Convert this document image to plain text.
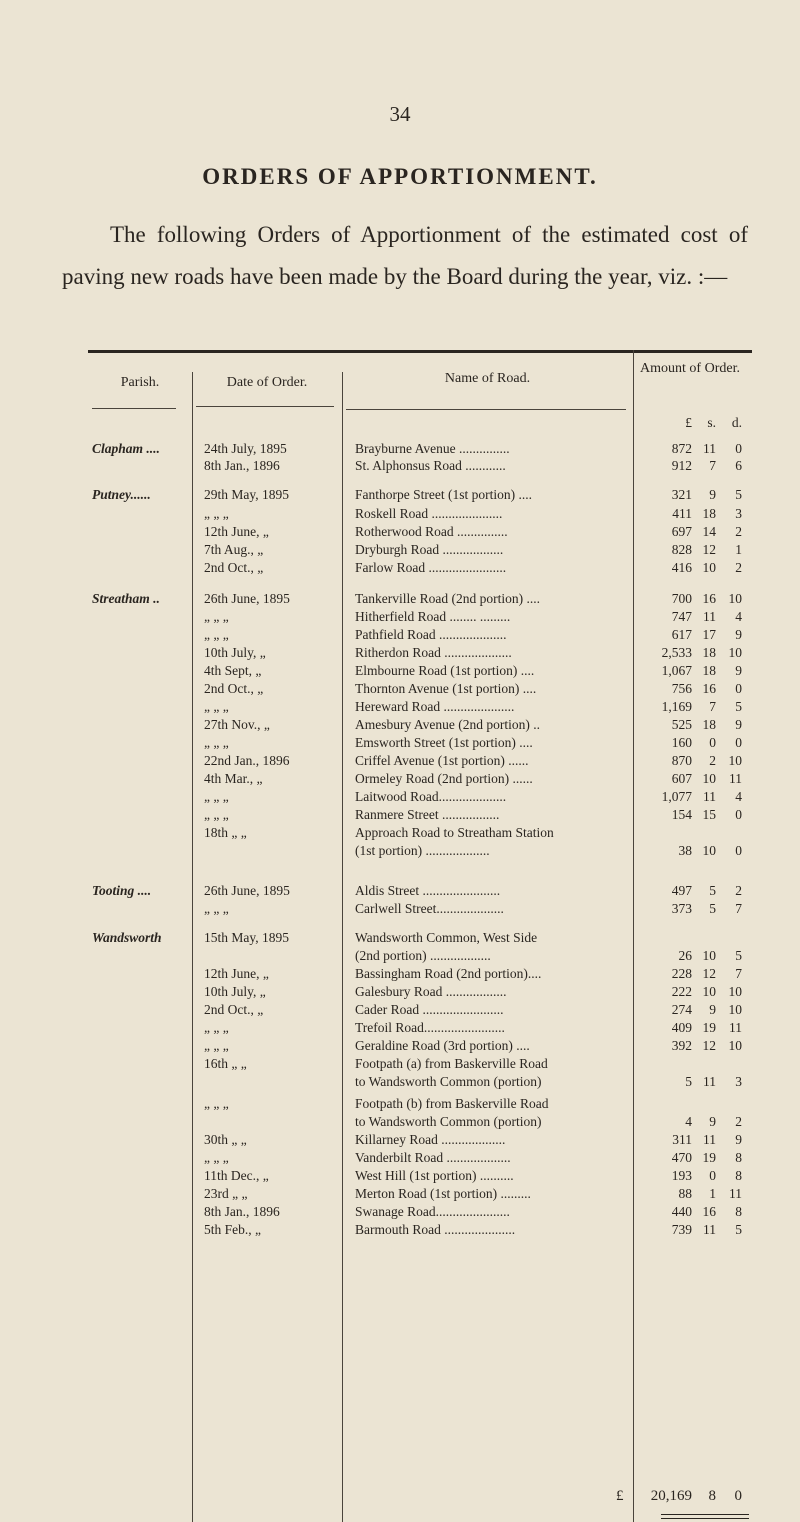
34
ORDERS OF APPORTIONMENT.

The following Orders of Apportionment of the estimated cost of paving new roads have been made by the Board during the year, viz. :—

Parish.	Date of Order.	Name of Road.
Amount of Order.
£	s.	d.
Clapham ....	24th July, 1895	Brayburne Avenue ...............	872 11	0
8th Jan., 1896	St. Alphonsus Road ............	912	7	6
Putney......	29th May, 1895	Fanthorpe Street (1st portion) ....	321	9	5
„ „ „	Roskell Road .....................	411 18	3
12th June, „	Rotherwood Road ...............	697 14	2
7th Aug., „	Dryburgh Road ..................	828 12	1
2nd Oct., „	Farlow Road .......................	416 10	2
Streatham ..	26th June, 1895	Tankerville Road (2nd portion) ....	700 16 10
„ „ „	Hitherfield Road ........ .........	747 11	4
„ „ „	Pathfield Road ....................	617 17	9
10th July, „	Ritherdon Road ....................	2,533 18 10
4th Sept, „	Elmbourne Road (1st portion) ....	1,067 18	9
2nd Oct., „	Thornton Avenue (1st portion) ....	756 16	0
„ „ „	Hereward Road .....................	1,169	7	5
27th Nov., „	Amesbury Avenue (2nd portion) ..	525 18	9
„ „ „	Emsworth Street (1st portion) ....	160	0	0
22nd Jan., 1896	Criffel Avenue (1st portion) ......	870	2 10
4th Mar., „	Ormeley Road (2nd portion) ......	607 10 11
„ „ „	Laitwood Road....................	1,077 11	4
„ „ „	Ranmere Street .................	154 15	0
18th „ „	Approach Road to Streatham Station
(1st portion) ...................	38 10	0
Tooting ....	26th June, 1895	Aldis Street .......................	497	5	2
„ „ „	Carlwell Street....................	373	5	7
Wandsworth	15th May, 1895	Wandsworth Common, West Side
(2nd portion) ..................	26 10	5
12th June, „	Bassingham Road (2nd portion)....	228 12	7
10th July, „	Galesbury Road ..................	222 10 10
2nd Oct., „	Cader Road ........................	274	9 10
„ „ „	Trefoil Road........................	409 19 11
„ „ „	Geraldine Road (3rd portion) ....	392 12 10
16th „ „	Footpath (a) from Baskerville Road
to Wandsworth Common (portion)	5 11	3
„ „ „	Footpath (b) from Baskerville Road
to Wandsworth Common (portion)	4	9	2
30th „ „	Killarney Road ...................	311 11	9
„ „ „	Vanderbilt Road ...................	470 19	8
11th Dec., „	West Hill (1st portion) ..........	193	0	8
23rd „ „	Merton Road (1st portion) .........	88	1 11
8th Jan., 1896	Swanage Road......................	440 16	8
5th Feb., „	Barmouth Road .....................	739 11	5
£	20,169	8	0
